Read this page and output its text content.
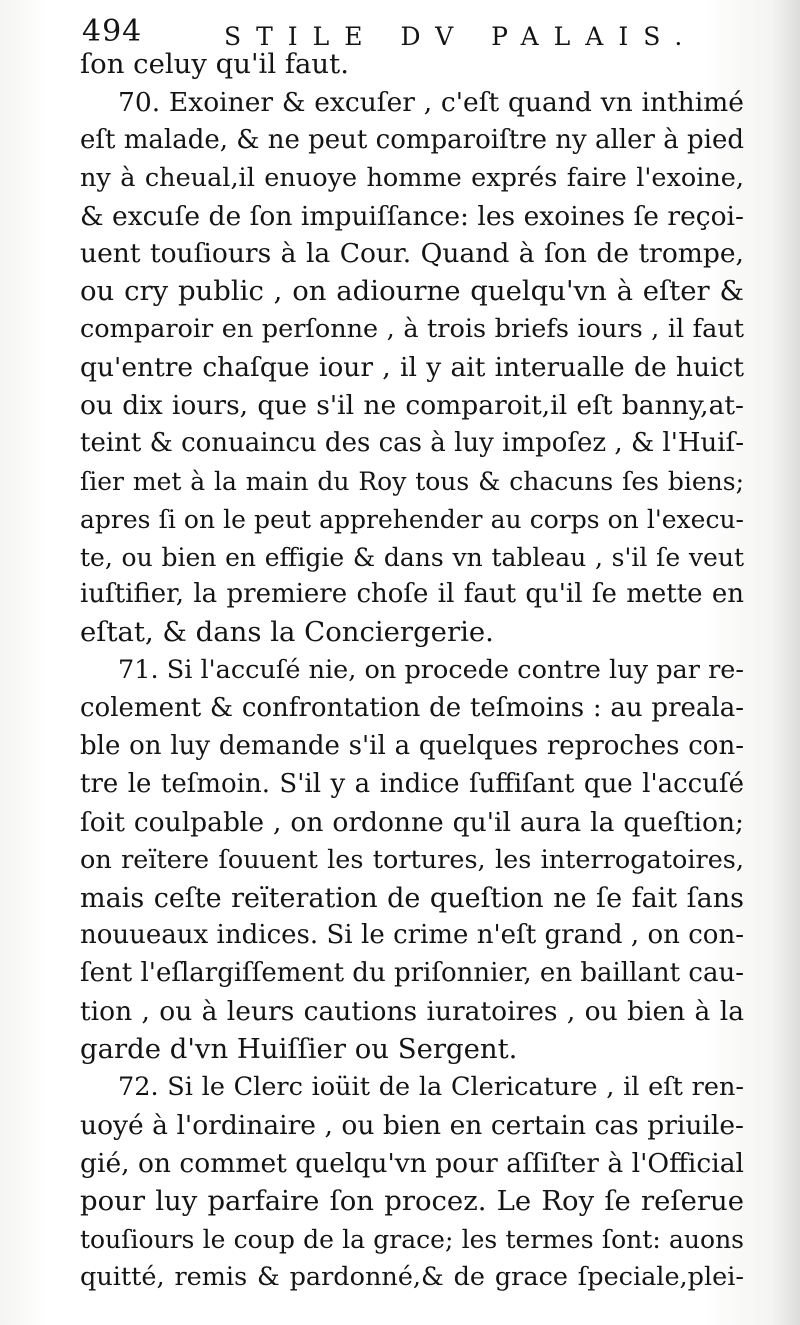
494	STILE DV PALAIS.
ſon celuy qu'il faut.
70. Exoiner & excuſer , c'eſt quand vn inthimé
eſt malade, & ne peut comparoiſtre ny aller à pied
ny à cheual,il enuoye homme exprés faire l'exoine,
& excuſe de ſon impuiſſance: les exoines ſe reçoi-
uent touſiours à la Cour. Quand à ſon de trompe,
ou cry public , on adiourne quelqu'vn à eſter &
comparoir en perſonne , à trois briefs iours , il faut
qu'entre chaſque iour , il y ait interualle de huict
ou dix iours, que s'il ne comparoit,il eſt banny,at-
teint & conuaincu des cas à luy impoſez , & l'Huiſ-
ſier met à la main du Roy tous & chacuns ſes biens;
apres ſi on le peut apprehender au corps on l'execu-
te, ou bien en effigie & dans vn tableau , s'il ſe veut
iuſtifier, la premiere choſe il faut qu'il ſe mette en
eſtat, & dans la Conciergerie.
71. Si l'accuſé nie, on procede contre luy par re-
colement & confrontation de teſmoins : au preala-
ble on luy demande s'il a quelques reproches con-
tre le teſmoin. S'il y a indice ſuffiſant que l'accuſé
ſoit coulpable , on ordonne qu'il aura la queſtion;
on reïtere ſouuent les tortures, les interrogatoires,
mais ceſte reïteration de queſtion ne ſe fait ſans
nouueaux indices. Si le crime n'eſt grand , on con-
ſent l'eſlargiſſement du priſonnier, en baillant cau-
tion , ou à leurs cautions iuratoires , ou bien à la
garde d'vn Huiſſier ou Sergent.
72. Si le Clerc ioüit de la Clericature , il eſt ren-
uoyé à l'ordinaire , ou bien en certain cas priuile-
gié, on commet quelqu'vn pour aſſiſter à l'Official
pour luy parfaire ſon procez. Le Roy ſe reſerue
touſiours le coup de la grace; les termes ſont: auons
quitté, remis & pardonné,& de grace ſpeciale,plei-
